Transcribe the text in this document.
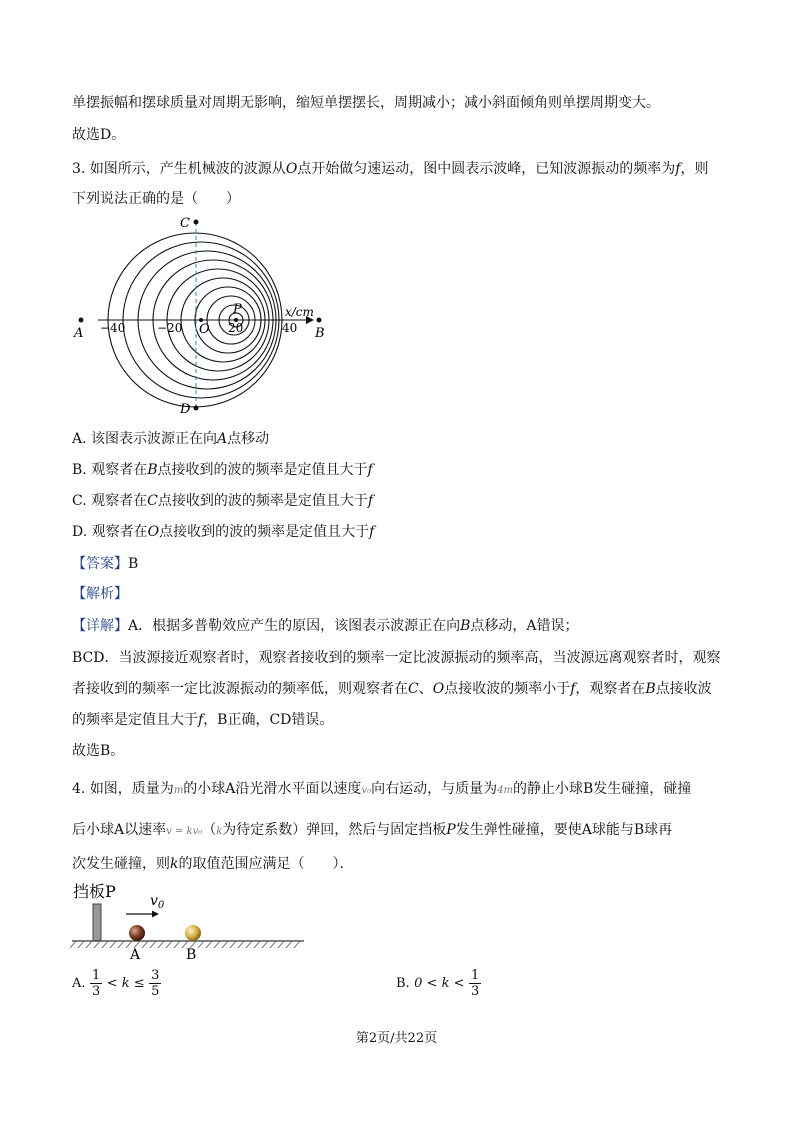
单摆振幅和摆球质量对周期无影响，缩短单摆摆长，周期减小；减小斜面倾角则单摆周期变大。
故选D。
3. 如图所示，产生机械波的波源从O点开始做匀速运动，图中圆表示波峰，已知波源振动的频率为f，则
下列说法正确的是（　　）
A	B
C
D
O
P	x/cm
−40	−20	20	40
A. 该图表示波源正在向A点移动
B. 观察者在B点接收到的波的频率是定值且大于f
C. 观察者在C点接收到的波的频率是定值且大于f
D. 观察者在O点接收到的波的频率是定值且大于f
【答案】B
【解析】
【详解】A．根据多普勒效应产生的原因，该图表示波源正在向B点移动，A错误；
BCD．当波源接近观察者时，观察者接收到的频率一定比波源振动的频率高，当波源远离观察者时，观察
者接收到的频率一定比波源振动的频率低，则观察者在C、O点接收波的频率小于f，观察者在B点接收波
的频率是定值且大于f，B正确，CD错误。
故选B。
4. 如图，质量为m的小球A沿光滑水平面以速度v₀向右运动，与质量为4m的静止小球B发生碰撞，碰撞
后小球A以速率v = kv₀（k为待定系数）弹回，然后与固定挡板P发生弹性碰撞，要使A球能与B球再
次发生碰撞，则k的取值范围应满足（　　）．
挡板P $v_0$
A	B
A. $\frac{1}{3} < k \le \frac{3}{5}$	B. $0 < k < \frac{1}{3}$
第2页/共22页
